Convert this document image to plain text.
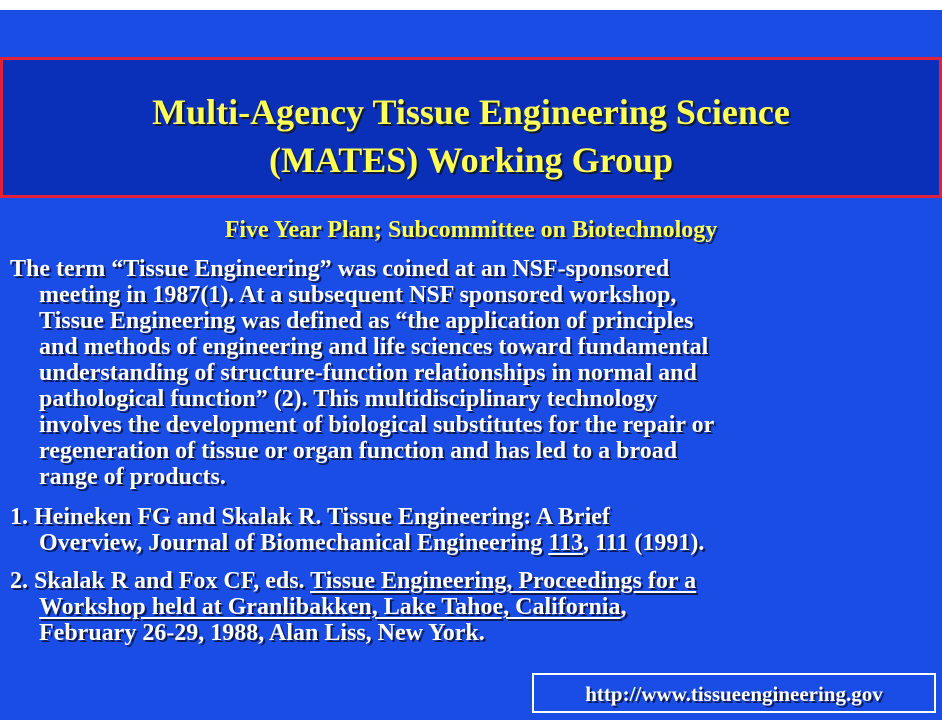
Multi-Agency Tissue Engineering Science
(MATES) Working Group
Five Year Plan; Subcommittee on Biotechnology
The term “Tissue Engineering” was coined at an NSF-sponsored
meeting in 1987(1). At a subsequent NSF sponsored workshop,
Tissue Engineering was defined as “the application of principles
and methods of engineering and life sciences toward fundamental
understanding of structure-function relationships in normal and
pathological function” (2). This multidisciplinary technology
involves the development of biological substitutes for the repair or
regeneration of tissue or organ function and has led to a broad
range of products.
1. Heineken FG and Skalak R. Tissue Engineering: A Brief
Overview, Journal of Biomechanical Engineering 113, 111 (1991).
2. Skalak R and Fox CF, eds. Tissue Engineering, Proceedings for a
Workshop held at Granlibakken, Lake Tahoe, California,
February 26-29, 1988, Alan Liss, New York.
http://www.tissueengineering.gov
